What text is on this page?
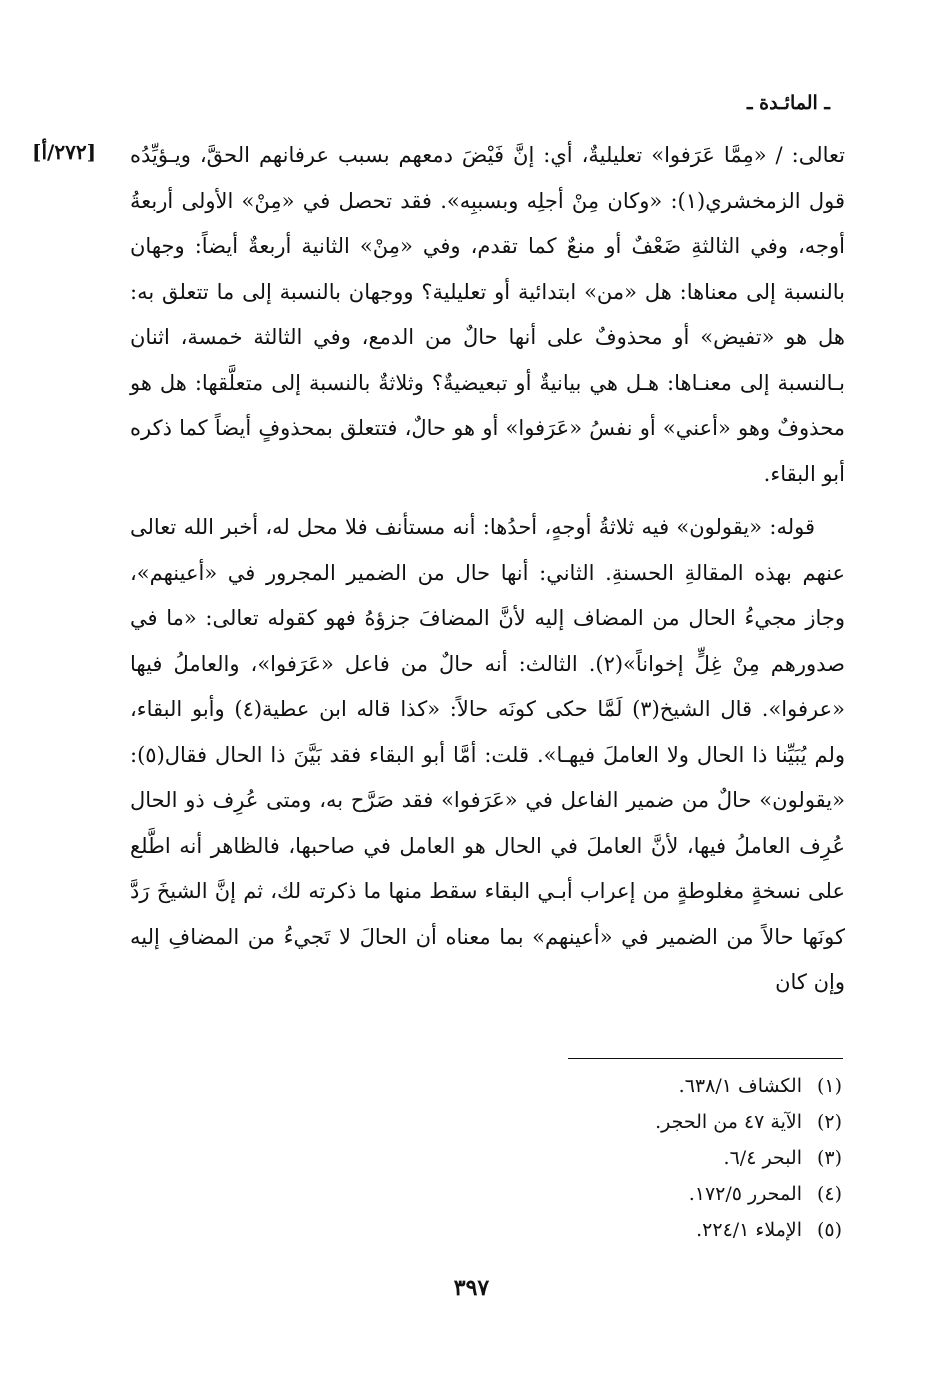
ـ المائـدة ـ
[٢٧٢/أ] تعالى: / «مِمَّا عَرَفوا» تعليليةٌ، أي: إنَّ فَيْضَ دمعهم بسبب عرفانهم الحقَّ، ويـؤيِّدُه قول الزمخشري(١): «وكان مِنْ أجلِه وبسببِه». فقد تحصل في «مِنْ» الأولى أربعةُ أوجه، وفي الثالثةِ ضَعْفٌ أو منعٌ كما تقدم، وفي «مِنْ» الثانية أربعةٌ أيضاً: وجهان بالنسبة إلى معناها: هل «من» ابتدائية أو تعليلية؟ ووجهان بالنسبة إلى ما تتعلق به: هل هو «تفيض» أو محذوفٌ على أنها حالٌ من الدمع، وفي الثالثة خمسة، اثنان بـالنسبة إلى معنـاها: هـل هي بيانيةٌ أو تبعيضيةٌ؟ وثلاثةٌ بالنسبة إلى متعلَّقها: هل هو محذوفٌ وهو «أعني» أو نفسُ «عَرَفوا» أو هو حالٌ، فتتعلق بمحذوفٍ أيضاً كما ذكره أبو البقاء.

قوله: «يقولون» فيه ثلاثةُ أوجهٍ، أحدُها: أنه مستأنف فلا محل له، أخبر الله تعالى عنهم بهذه المقالةِ الحسنةِ. الثاني: أنها حال من الضمير المجرور في «أعينهم»، وجاز مجيءُ الحال من المضاف إليه لأنَّ المضافَ جزؤهُ فهو كقوله تعالى: «ما في صدورهم مِنْ غِلٍّ إخواناً»(٢). الثالث: أنه حالٌ من فاعل «عَرَفوا»، والعاملُ فيها «عرفوا». قال الشيخ(٣) لَمَّا حكى كونَه حالاً: «كذا قاله ابن عطية(٤) وأبو البقاء، ولم يُبَيِّنا ذا الحال ولا العاملَ فيهـا». قلت: أمَّا أبو البقاء فقد بَيَّنَ ذا الحال فقال(٥): «يقولون» حالٌ من ضمير الفاعل في «عَرَفوا» فقد صَرَّح به، ومتى عُرِف ذو الحال عُرِف العاملُ فيها، لأنَّ العاملَ في الحال هو العامل في صاحبها، فالظاهر أنه اطَّلع على نسخةٍ مغلوطةٍ من إعراب أبـي البقاء سقط منها ما ذكرته لك، ثم إنَّ الشيخَ رَدَّ كونَها حالاً من الضمير في «أعينهم» بما معناه أن الحالَ لا تَجيءُ من المضافِ إليه وإن كان

(١)
الكشاف ٦٣٨/١.
(٢)
الآية ٤٧ من الحجر.
(٣)
البحر ٦/٤.
(٤)
المحرر ١٧٢/٥.
(٥)
الإملاء ٢٢٤/١.
٣٩٧
